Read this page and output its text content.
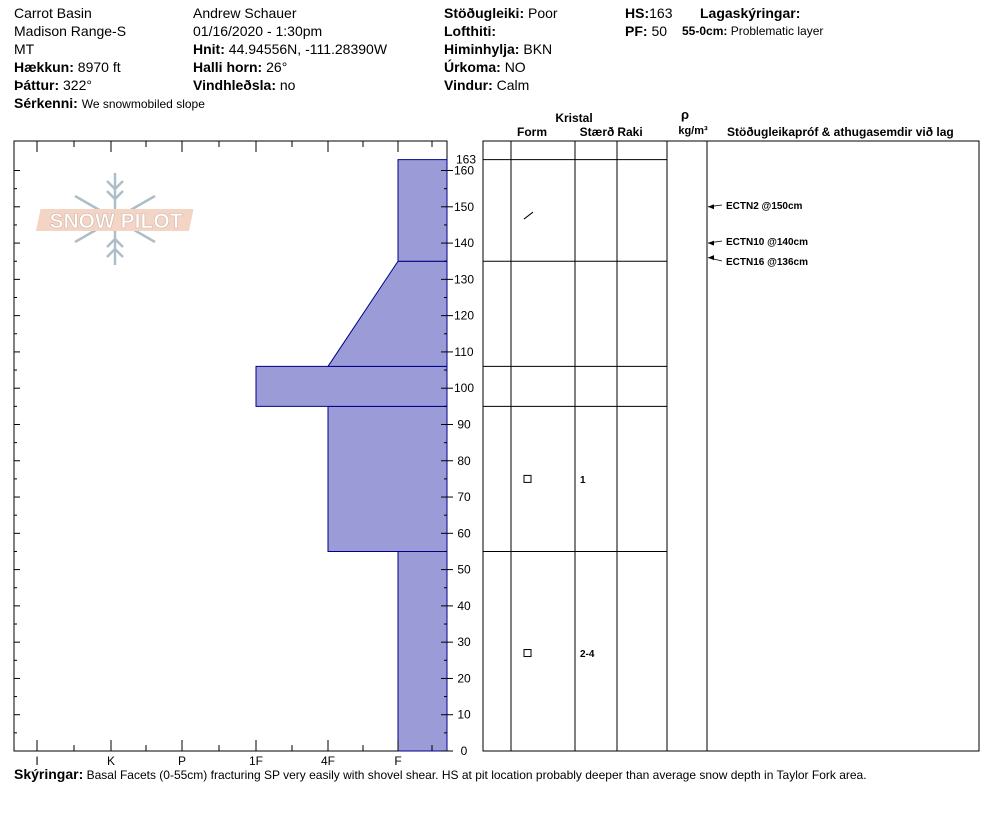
Carrot Basin
Madison Range-S
MT
Hækkun: 8970 ft
Þáttur: 322°
Sérkenni: We snowmobiled slope
Andrew Schauer
01/16/2020 - 1:30pm
Hnit: 44.94556N, -111.28390W
Halli horn: 26°
Vindhleðsla: no
Stöðugleiki: Poor
Lofthiti:
Himinhylja: BKN
Úrkoma: NO
Vindur: Calm
HS:163
PF: 50
Lagaskýringar:
55-0cm: Problematic layer
SNOW PILOT
0
10
20
30
40
50
60
70
80
90
100
110
120
130
140
150
160
163
I	K	P	1F	4F	F
1
2-4
ECTN2 @150cm
ECTN10 @140cm
ECTN16 @136cm
Kristal
Form	Stærð Raki
ρ
kg/m³ Stöðugleikapróf & athugasemdir við lag
Skýringar: Basal Facets (0-55cm) fracturing SP very easily with shovel shear. HS at pit location probably deeper than average snow depth in Taylor Fork area.
